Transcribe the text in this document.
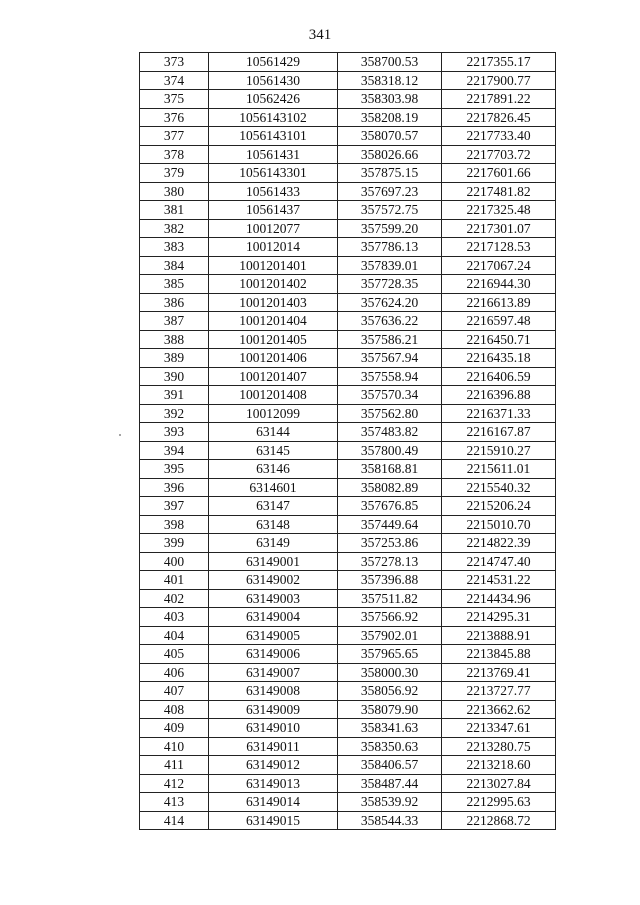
341
373	10561429	358700.53	2217355.17
374	10561430	358318.12	2217900.77
375	10562426	358303.98	2217891.22
376	1056143102	358208.19	2217826.45
377	1056143101	358070.57	2217733.40
378	10561431	358026.66	2217703.72
379	1056143301	357875.15	2217601.66
380	10561433	357697.23	2217481.82
381	10561437	357572.75	2217325.48
382	10012077	357599.20	2217301.07
383	10012014	357786.13	2217128.53
384	1001201401	357839.01	2217067.24
385	1001201402	357728.35	2216944.30
386	1001201403	357624.20	2216613.89
387	1001201404	357636.22	2216597.48
388	1001201405	357586.21	2216450.71
389	1001201406	357567.94	2216435.18
390	1001201407	357558.94	2216406.59
391	1001201408	357570.34	2216396.88
392	10012099	357562.80	2216371.33
393	63144	357483.82	2216167.87
394	63145	357800.49	2215910.27
395	63146	358168.81	2215611.01
396	6314601	358082.89	2215540.32
397	63147	357676.85	2215206.24
398	63148	357449.64	2215010.70
399	63149	357253.86	2214822.39
400	63149001	357278.13	2214747.40
401	63149002	357396.88	2214531.22
402	63149003	357511.82	2214434.96
403	63149004	357566.92	2214295.31
404	63149005	357902.01	2213888.91
405	63149006	357965.65	2213845.88
406	63149007	358000.30	2213769.41
407	63149008	358056.92	2213727.77
408	63149009	358079.90	2213662.62
409	63149010	358341.63	2213347.61
410	63149011	358350.63	2213280.75
411	63149012	358406.57	2213218.60
412	63149013	358487.44	2213027.84
413	63149014	358539.92	2212995.63
414	63149015	358544.33	2212868.72
